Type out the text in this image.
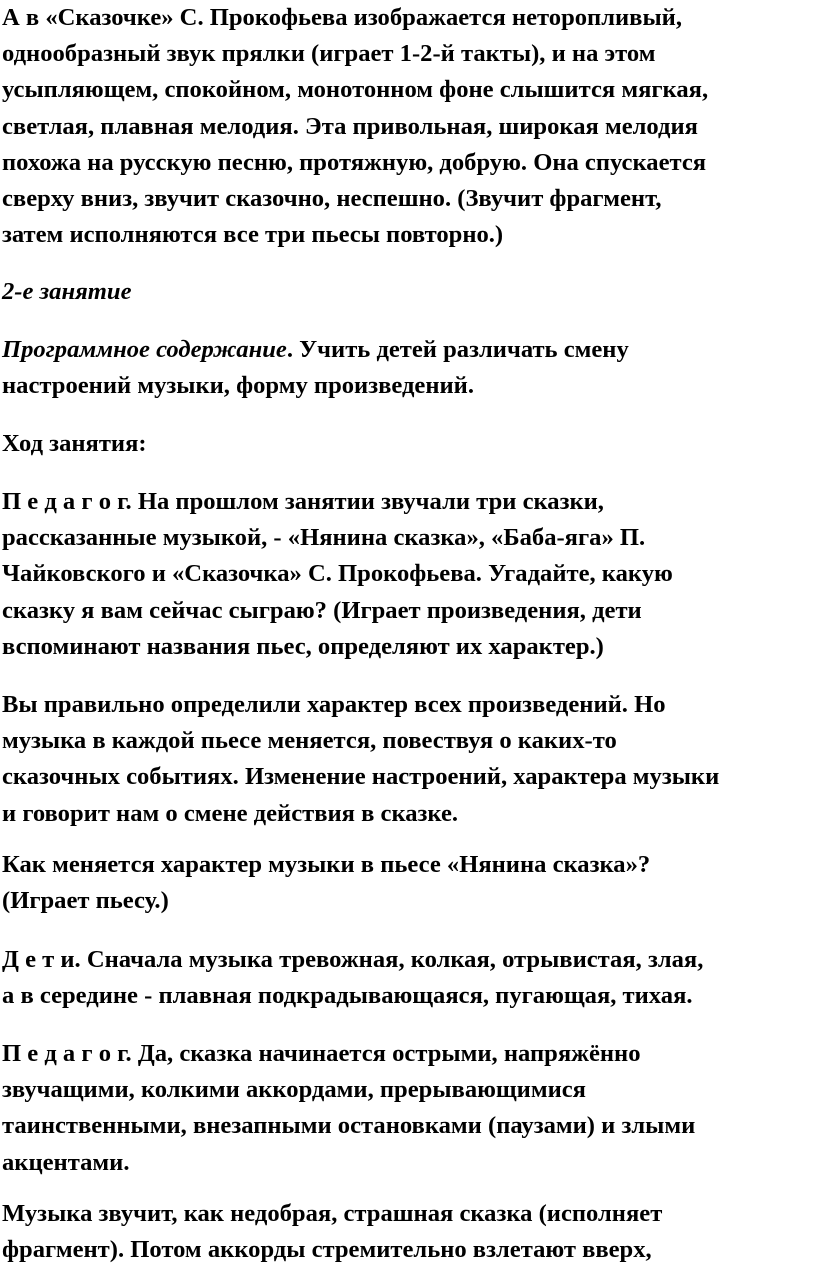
А в «Сказочке» С. Прокофьева изображается неторопливый,
однообразный звук прялки (играет 1-2-й такты), и на этом
усыпляющем, спокойном, монотонном фоне слышится мягкая,
светлая, плавная мелодия. Эта привольная, широкая мелодия
похожа на русскую песню, протяжную, добрую. Она спускается
сверху вниз, звучит сказочно, неспешно. (Звучит фрагмент,
затем исполняются все три пьесы повторно.)
2-е занятие
Программное содержание. Учить детей различать смену
настроений музыки, форму произведений.
Ход занятия:
П е д а г о г. На прошлом занятии звучали три сказки,
рассказанные музыкой, - «Нянина сказка», «Баба-яга» П.
Чайковского и «Сказочка» С. Прокофьева. Угадайте, какую
сказку я вам сейчас сыграю? (Играет произведения, дети
вспоминают названия пьес, определяют их характер.)
Вы правильно определили характер всех произведений. Но
музыка в каждой пьесе меняется, повествуя о каких-то
сказочных событиях. Изменение настроений, характера музыки
и говорит нам о смене действия в сказке.
Как меняется характер музыки в пьесе «Нянина сказка»?
(Играет пьесу.)
Д е т и. Сначала музыка тревожная, колкая, отрывистая, злая,
а в середине - плавная подкрадывающаяся, пугающая, тихая.
П е д а г о г. Да, сказка начинается острыми, напряжённо
звучащими, колкими аккордами, прерывающимися
таинственными, внезапными остановками (паузами) и злыми
акцентами.
Музыка звучит, как недобрая, страшная сказка (исполняет
фрагмент). Потом аккорды стремительно взлетают вверх,
